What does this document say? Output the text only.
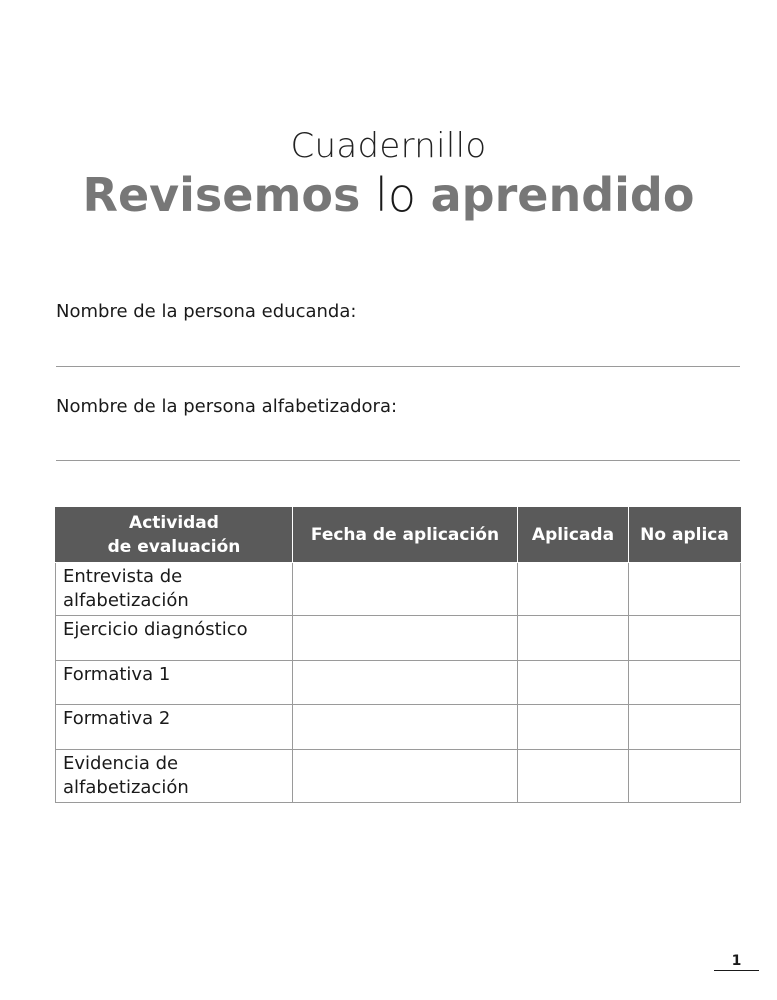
Cuadernillo
Revisemos lo aprendido
Nombre de la persona educanda:
Nombre de la persona alfabetizadora:
Actividad
de evaluación	Fecha de aplicación	Aplicada	No aplica
Entrevista de alfabetización			
Ejercicio diagnóstico			
Formativa 1			
Formativa 2			
Evidencia de alfabetización			
1
